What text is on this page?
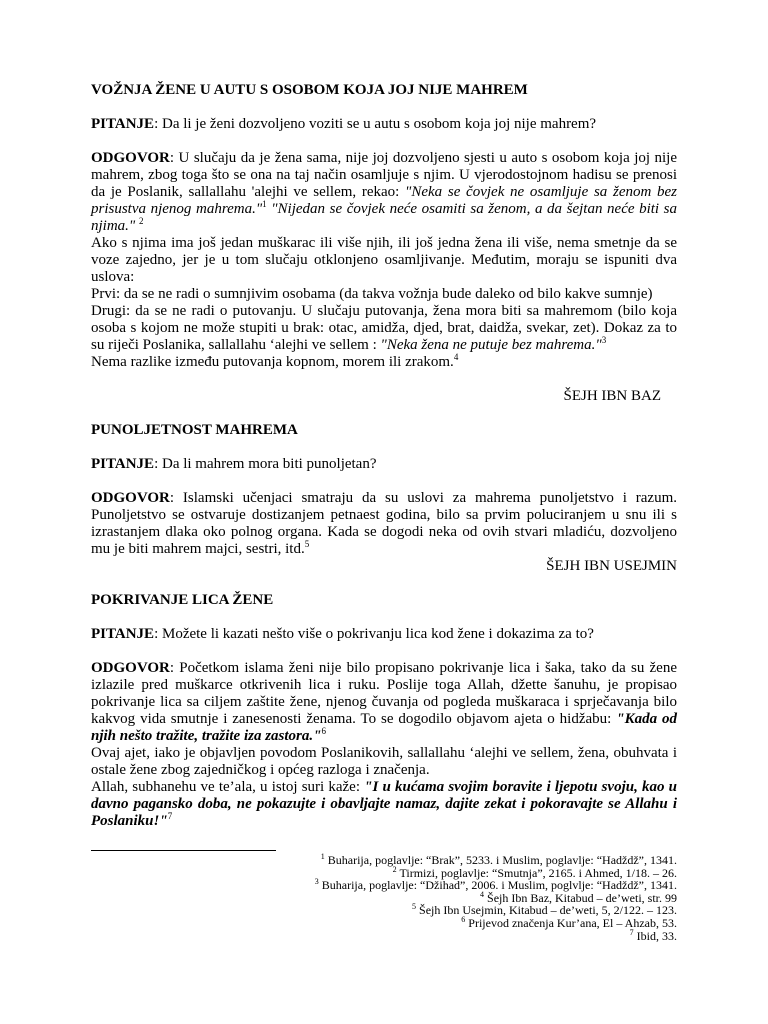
VOŽNJA ŽENE U AUTU S OSOBOM KOJA JOJ NIJE MAHREM
PITANJE: Da li je ženi dozvoljeno voziti se u autu s osobom koja joj nije mahrem?
ODGOVOR: U slučaju da je žena sama, nije joj dozvoljeno sjesti u auto s osobom koja joj nije mahrem, zbog toga što se ona na taj način osamljuje s njim. U vjerodostojnom hadisu se prenosi da je Poslanik, sallallahu 'alejhi ve sellem, rekao: "Neka se čovjek ne osamljuje sa ženom bez prisustva njenog mahrema."$^1$ "Nijedan se čovjek neće osamiti sa ženom, a da šejtan neće biti sa njima." $^2$
Ako s njima ima još jedan muškarac ili više njih, ili još jedna žena ili više, nema smetnje da se voze zajedno, jer je u tom slučaju otklonjeno osamljivanje. Međutim, moraju se ispuniti dva uslova:
Prvi: da se ne radi o sumnjivim osobama (da takva vožnja bude daleko od bilo kakve sumnje)
Drugi: da se ne radi o putovanju. U slučaju putovanja, žena mora biti sa mahremom (bilo koja osoba s kojom ne može stupiti u brak: otac, amidža, djed, brat, daidža, svekar, zet). Dokaz za to su riječi Poslanika, sallallahu ‘alejhi ve sellem : "Neka žena ne putuje bez mahrema."$^3$
Nema razlike između putovanja kopnom, morem ili zrakom.$^4$
ŠEJH IBN BAZ
PUNOLJETNOST MAHREMA
PITANJE: Da li mahrem mora biti punoljetan?
ODGOVOR: Islamski učenjaci smatraju da su uslovi za mahrema punoljetstvo i razum. Punoljetstvo se ostvaruje dostizanjem petnaest godina, bilo sa prvim poluciranjem u snu ili s izrastanjem dlaka oko polnog organa. Kada se dogodi neka od ovih stvari mladiću, dozvoljeno mu je biti mahrem majci, sestri, itd.$^5$
ŠEJH IBN USEJMIN
POKRIVANJE LICA ŽENE
PITANJE: Možete li kazati nešto više o pokrivanju lica kod žene i dokazima za to?
ODGOVOR: Početkom islama ženi nije bilo propisano pokrivanje lica i šaka, tako da su žene izlazile pred muškarce otkrivenih lica i ruku. Poslije toga Allah, džette šanuhu, je propisao pokrivanje lica sa ciljem zaštite žene, njenog čuvanja od pogleda muškaraca i sprječavanja bilo kakvog vida smutnje i zanesenosti ženama. To se dogodilo objavom ajeta o hidžabu: "Kada od njih nešto tražite, tražite iza zastora."$^6$
Ovaj ajet, iako je objavljen povodom Poslanikovih, sallallahu ‘alejhi ve sellem, žena, obuhvata i ostale žene zbog zajedničkog i općeg razloga i značenja.
Allah, subhanehu ve te’ala, u istoj suri kaže: "I u kućama svojim boravite i ljepotu svoju, kao u davno pagansko doba, ne pokazujte i obavljajte namaz, dajite zekat i pokoravajte se Allahu i Poslaniku!"$^7$
$^1$ Buharija, poglavlje: “Brak”, 5233. i Muslim, poglavlje: “Hadždž”, 1341.
$^2$ Tirmizi, poglavlje: “Smutnja”, 2165. i Ahmed, 1/18. – 26.
$^3$ Buharija, poglavlje: “Džihad”, 2006. i Muslim, poglvlje: “Hadždž”, 1341.
$^4$ Šejh Ibn Baz, Kitabud – de’weti, str. 99
$^5$ Šejh Ibn Usejmin, Kitabud – de’weti, 5, 2/122. – 123.
$^6$ Prijevod značenja Kur’ana, El – Ahzab, 53.
$^7$ Ibid, 33.
